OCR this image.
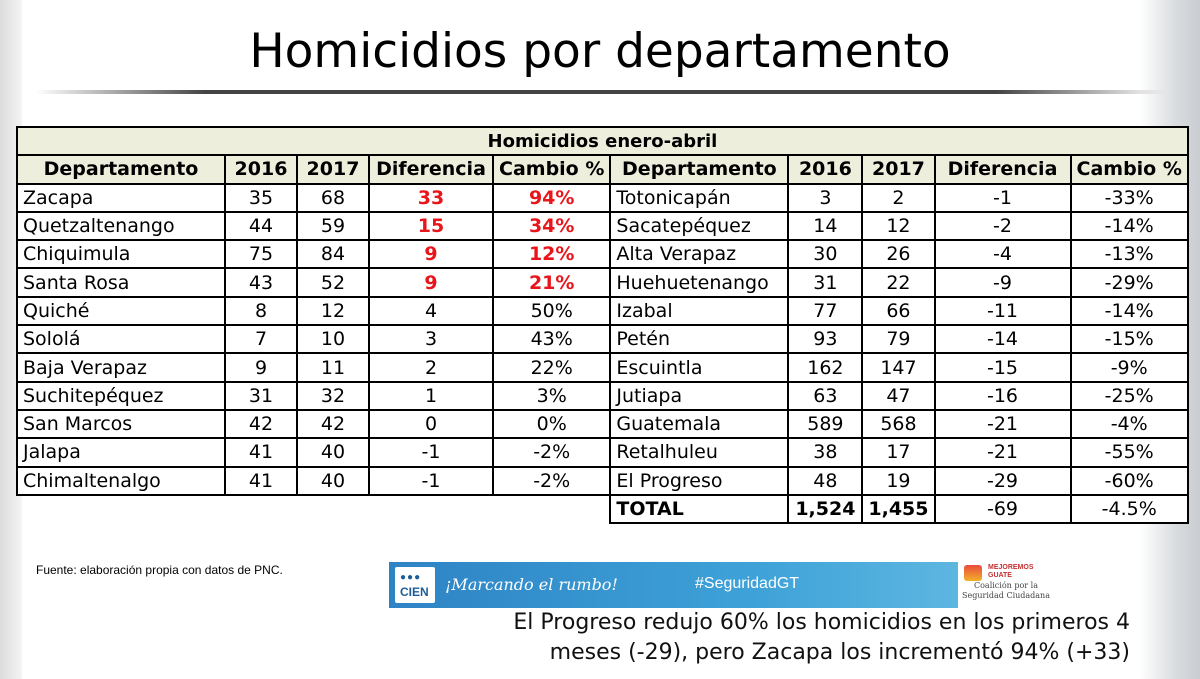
Homicidios por departamento
Homicidios enero-abril									
Departamento	2016	2017	Diferencia	Cambio %	Departamento	2016	2017	Diferencia	Cambio %
Zacapa	35	68	33	94%	Totonicapán	3	2	-1	-33%
Quetzaltenango	44	59	15	34%	Sacatepéquez	14	12	-2	-14%
Chiquimula	75	84	9	12%	Alta Verapaz	30	26	-4	-13%
Santa Rosa	43	52	9	21%	Huehuetenango	31	22	-9	-29%
Quiché	8	12	4	50%	Izabal	77	66	-11	-14%
Sololá	7	10	3	43%	Petén	93	79	-14	-15%
Baja Verapaz	9	11	2	22%	Escuintla	162	147	-15	-9%
Suchitepéquez	31	32	1	3%	Jutiapa	63	47	-16	-25%
San Marcos	42	42	0	0%	Guatemala	589	568	-21	-4%
Jalapa	41	40	-1	-2%	Retalhuleu	38	17	-21	-55%
Chimaltenalgo	41	40	-1	-2%	El Progreso	48	19	-29	-60%
					TOTAL	1,524	1,455	-69	-4.5%
Fuente: elaboración propia con datos de PNC.
●●●
CIEN ¡Marcando el rumbo!	#SeguridadGT
MEJOREMOS GUATE
Coalición por la Seguridad Ciudadana
El Progreso redujo 60% los homicidios en los primeros 4
meses (-29), pero Zacapa los incrementó 94% (+33)
